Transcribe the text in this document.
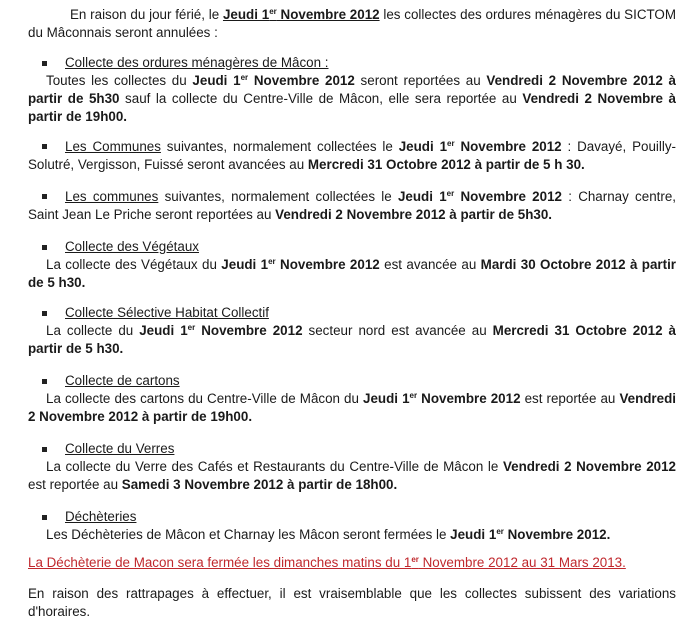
En raison du jour férié, le Jeudi 1er Novembre 2012 les collectes des ordures ménagères du SICTOM du Mâconnais seront annulées :
Collecte des ordures ménagères de Mâcon :
Toutes les collectes du Jeudi 1er Novembre 2012 seront reportées au Vendredi 2 Novembre 2012 à partir de 5h30 sauf la collecte du Centre-Ville de Mâcon, elle sera reportée au Vendredi 2 Novembre à partir de 19h00.
Les Communes suivantes, normalement collectées le Jeudi 1er Novembre 2012 : Davayé, Pouilly-Solutré, Vergisson, Fuissé seront avancées au Mercredi 31 Octobre 2012 à partir de 5 h 30.
Les communes suivantes, normalement collectées le Jeudi 1er Novembre 2012 : Charnay centre, Saint Jean Le Priche seront reportées au Vendredi 2 Novembre 2012 à partir de 5h30.
Collecte des Végétaux
La collecte des Végétaux du Jeudi 1er Novembre 2012 est avancée au Mardi 30 Octobre 2012 à partir de 5 h30.
Collecte Sélective Habitat Collectif
La collecte du Jeudi 1er Novembre 2012 secteur nord est avancée au Mercredi 31 Octobre 2012 à partir de 5 h30.
Collecte de cartons
La collecte des cartons du Centre-Ville de Mâcon du Jeudi 1er Novembre 2012 est reportée au Vendredi 2 Novembre 2012 à partir de 19h00.
Collecte du Verres
La collecte du Verre des Cafés et Restaurants du Centre-Ville de Mâcon le Vendredi 2 Novembre 2012 est reportée au Samedi 3 Novembre 2012 à partir de 18h00.
Déchèteries
Les Déchèteries de Mâcon et Charnay les Mâcon seront fermées le Jeudi 1er Novembre 2012.
La Déchèterie de Macon sera fermée les dimanches matins du 1er Novembre 2012 au 31 Mars 2013.
En raison des rattrapages à effectuer, il est vraisemblable que les collectes subissent des variations d'horaires.
